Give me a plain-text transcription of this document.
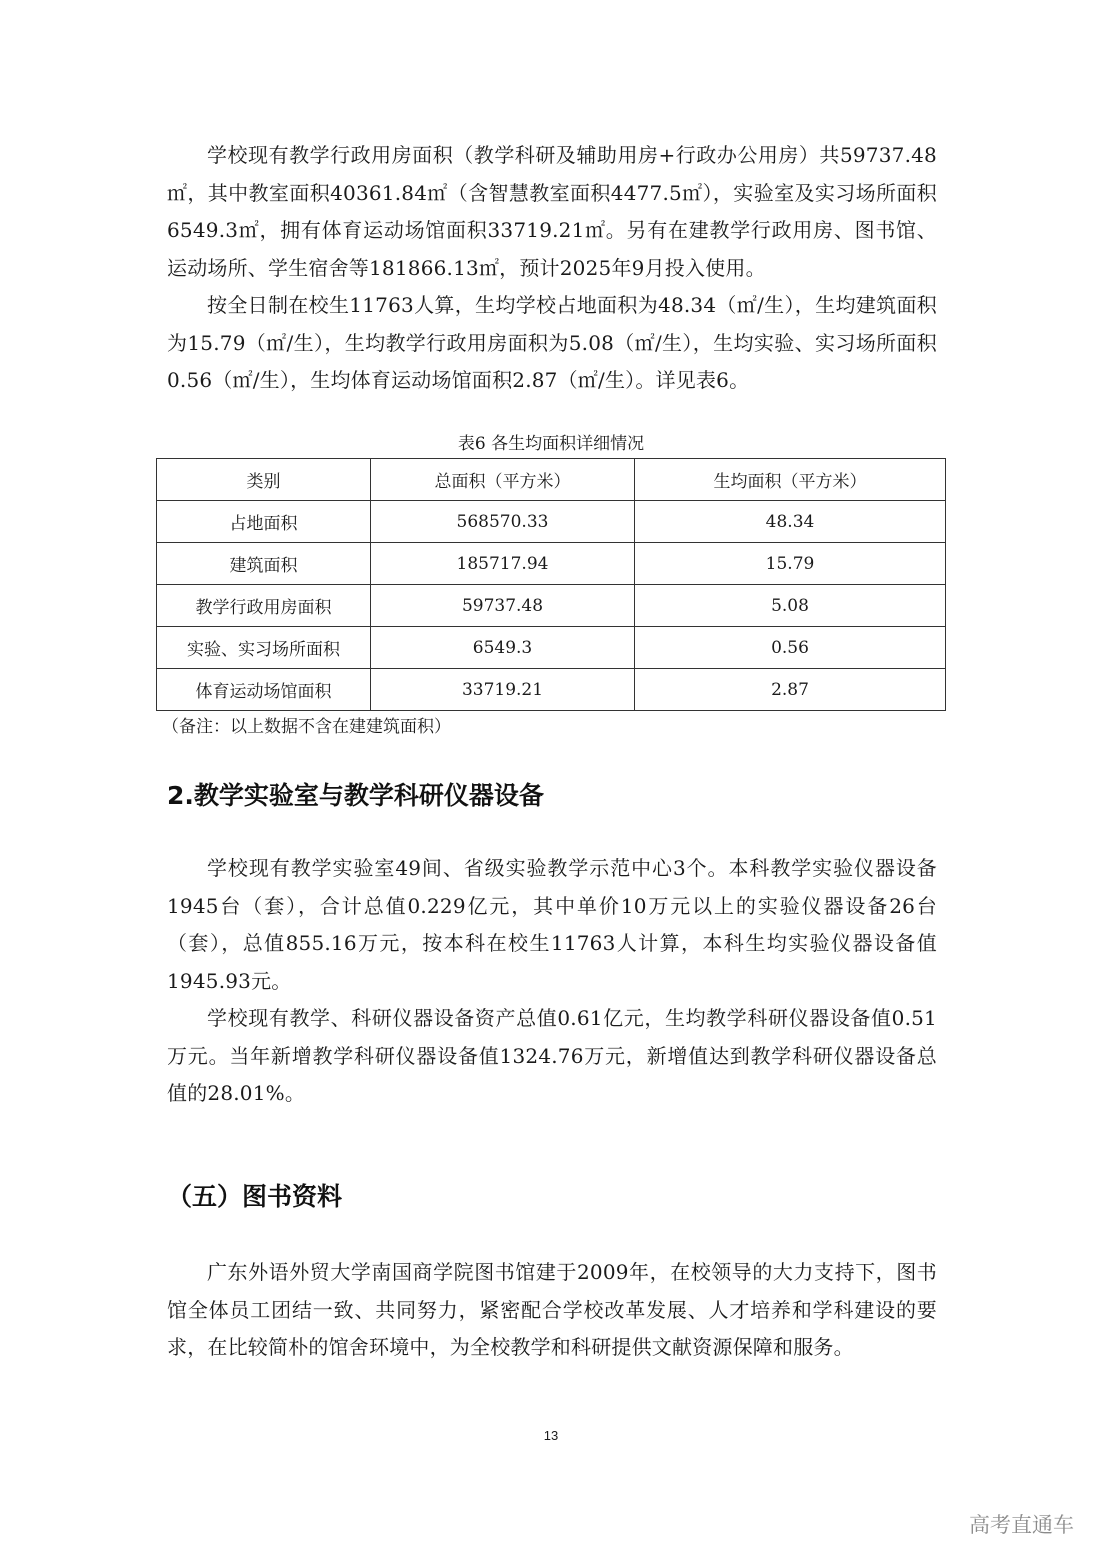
学校现有教学行政用房面积（教学科研及辅助用房+行政办公用房）共59737.48㎡，其中教室面积40361.84㎡（含智慧教室面积4477.5㎡），实验室及实习场所面积6549.3㎡，拥有体育运动场馆面积33719.21㎡。另有在建教学行政用房、图书馆、运动场所、学生宿舍等181866.13㎡，预计2025年9月投入使用。

按全日制在校生11763人算，生均学校占地面积为48.34（㎡/生），生均建筑面积为15.79（㎡/生），生均教学行政用房面积为5.08（㎡/生），生均实验、实习场所面积0.56（㎡/生），生均体育运动场馆面积2.87（㎡/生）。详见表6。

表6 各生均面积详细情况
类别	总面积（平方米）	生均面积（平方米）
占地面积	568570.33	48.34
建筑面积	185717.94	15.79
教学行政用房面积	59737.48	5.08
实验、实习场所面积	6549.3	0.56
体育运动场馆面积	33719.21	2.87
（备注：以上数据不含在建建筑面积）
2.教学实验室与教学科研仪器设备

学校现有教学实验室49间、省级实验教学示范中心3个。本科教学实验仪器设备1945台（套），合计总值0.229亿元，其中单价10万元以上的实验仪器设备26台（套），总值855.16万元，按本科在校生11763人计算，本科生均实验仪器设备值1945.93元。

学校现有教学、科研仪器设备资产总值0.61亿元，生均教学科研仪器设备值0.51万元。当年新增教学科研仪器设备值1324.76万元，新增值达到教学科研仪器设备总值的28.01%。

（五）图书资料

广东外语外贸大学南国商学院图书馆建于2009年，在校领导的大力支持下，图书馆全体员工团结一致、共同努力，紧密配合学校改革发展、人才培养和学科建设的要求，在比较简朴的馆舍环境中，为全校教学和科研提供文献资源保障和服务。

13
高考直通车
